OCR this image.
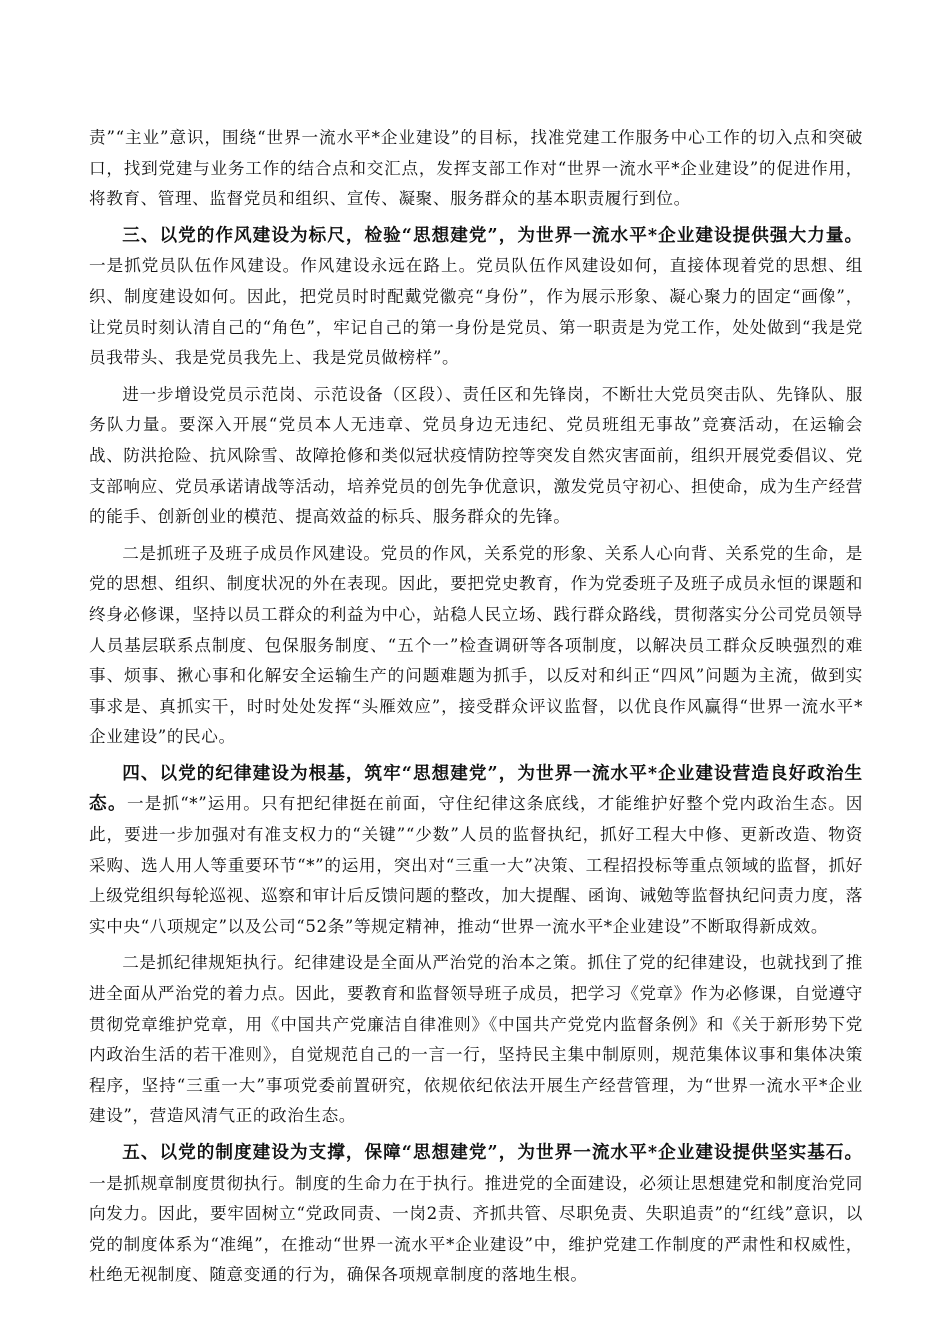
责”“主业”意识，围绕“世界一流水平*企业建设”的目标，找准党建工作服务中心工作的切入点和突破口，找到党建与业务工作的结合点和交汇点，发挥支部工作对“世界一流水平*企业建设”的促进作用，将教育、管理、监督党员和组织、宣传、凝聚、服务群众的基本职责履行到位。

三、以党的作风建设为标尺，检验“思想建党”，为世界一流水平*企业建设提供强大力量。一是抓党员队伍作风建设。作风建设永远在路上。党员队伍作风建设如何，直接体现着党的思想、组织、制度建设如何。因此，把党员时时配戴党徽亮“身份”，作为展示形象、凝心聚力的固定“画像”，让党员时刻认清自己的“角色”，牢记自己的第一身份是党员、第一职责是为党工作，处处做到“我是党员我带头、我是党员我先上、我是党员做榜样”。

进一步增设党员示范岗、示范设备（区段）、责任区和先锋岗，不断壮大党员突击队、先锋队、服务队力量。要深入开展“党员本人无违章、党员身边无违纪、党员班组无事故”竞赛活动，在运输会战、防洪抢险、抗风除雪、故障抢修和类似冠状疫情防控等突发自然灾害面前，组织开展党委倡议、党支部响应、党员承诺请战等活动，培养党员的创先争优意识，激发党员守初心、担使命，成为生产经营的能手、创新创业的模范、提高效益的标兵、服务群众的先锋。

二是抓班子及班子成员作风建设。党员的作风，关系党的形象、关系人心向背、关系党的生命，是党的思想、组织、制度状况的外在表现。因此，要把党史教育，作为党委班子及班子成员永恒的课题和终身必修课，坚持以员工群众的利益为中心，站稳人民立场、践行群众路线，贯彻落实分公司党员领导人员基层联系点制度、包保服务制度、“五个一”检查调研等各项制度，以解决员工群众反映强烈的难事、烦事、揪心事和化解安全运输生产的问题难题为抓手，以反对和纠正“四风”问题为主流，做到实事求是、真抓实干，时时处处发挥“头雁效应”，接受群众评议监督，以优良作风赢得“世界一流水平*企业建设”的民心。

四、以党的纪律建设为根基，筑牢“思想建党”，为世界一流水平*企业建设营造良好政治生态。一是抓“*”运用。只有把纪律挺在前面，守住纪律这条底线，才能维护好整个党内政治生态。因此，要进一步加强对有准支权力的“关键”“少数”人员的监督执纪，抓好工程大中修、更新改造、物资采购、选人用人等重要环节“*”的运用，突出对“三重一大”决策、工程招投标等重点领域的监督，抓好上级党组织每轮巡视、巡察和审计后反馈问题的整改，加大提醒、函询、诫勉等监督执纪问责力度，落实中央“八项规定”以及公司“52条”等规定精神，推动“世界一流水平*企业建设”不断取得新成效。

二是抓纪律规矩执行。纪律建设是全面从严治党的治本之策。抓住了党的纪律建设，也就找到了推进全面从严治党的着力点。因此，要教育和监督领导班子成员，把学习《党章》作为必修课，自觉遵守贯彻党章维护党章，用《中国共产党廉洁自律准则》《中国共产党党内监督条例》和《关于新形势下党内政治生活的若干准则》，自觉规范自己的一言一行，坚持民主集中制原则，规范集体议事和集体决策程序，坚持“三重一大”事项党委前置研究，依规依纪依法开展生产经营管理，为“世界一流水平*企业建设”，营造风清气正的政治生态。

五、以党的制度建设为支撑，保障“思想建党”，为世界一流水平*企业建设提供坚实基石。一是抓规章制度贯彻执行。制度的生命力在于执行。推进党的全面建设，必须让思想建党和制度治党同向发力。因此，要牢固树立“党政同责、一岗2责、齐抓共管、尽职免责、失职追责”的“红线”意识，以党的制度体系为“准绳”，在推动“世界一流水平*企业建设”中，维护党建工作制度的严肃性和权威性，杜绝无视制度、随意变通的行为，确保各项规章制度的落地生根。
